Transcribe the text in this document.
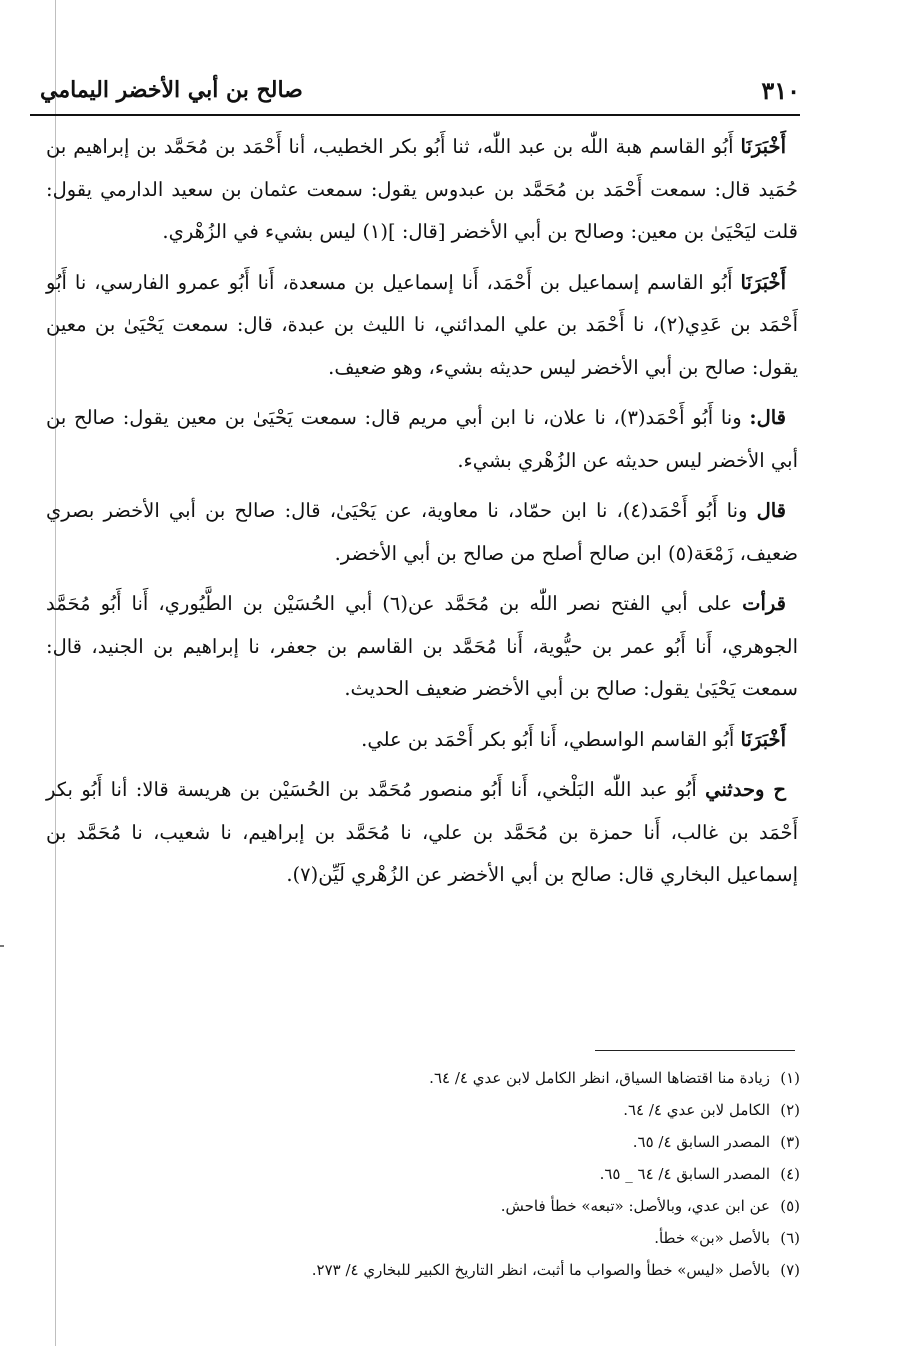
٣١٠
صالح بن أبي الأخضر اليمامي

أَخْبَرَنَا أَبُو القاسم هبة اللّٰه بن عبد اللّٰه، ثنا أَبُو بكر الخطيب، أنا أَحْمَد بن مُحَمَّد بن إبراهيم بن حُمَيد قال: سمعت أَحْمَد بن مُحَمَّد بن عبدوس يقول: سمعت عثمان بن سعيد الدارمي يقول: قلت ليَحْيَىٰ بن معين: وصالح بن أبي الأخضر [قال: ](١) ليس بشيء في الزُهْري.

أَخْبَرَنَا أَبُو القاسم إسماعيل بن أَحْمَد، أَنا إسماعيل بن مسعدة، أَنا أَبُو عمرو الفارسي، نا أَبُو أَحْمَد بن عَدِي(٢)، نا أَحْمَد بن علي المدائني، نا الليث بن عبدة، قال: سمعت يَحْيَىٰ بن معين يقول: صالح بن أبي الأخضر ليس حديثه بشيء، وهو ضعيف.

قال: ونا أَبُو أَحْمَد(٣)، نا علان، نا ابن أبي مريم قال: سمعت يَحْيَىٰ بن معين يقول: صالح بن أبي الأخضر ليس حديثه عن الزُهْري بشيء.

قال ونا أَبُو أَحْمَد(٤)، نا ابن حمّاد، نا معاوية، عن يَحْيَىٰ، قال: صالح بن أبي الأخضر بصري ضعيف، زَمْعَة(٥) ابن صالح أصلح من صالح بن أبي الأخضر.

قرأت على أبي الفتح نصر اللّٰه بن مُحَمَّد عن(٦) أبي الحُسَيْن بن الطَّيُوري، أَنا أَبُو مُحَمَّد الجوهري، أَنا أَبُو عمر بن حيُّوية، أَنا مُحَمَّد بن القاسم بن جعفر، نا إبراهيم بن الجنيد، قال: سمعت يَحْيَىٰ يقول: صالح بن أبي الأخضر ضعيف الحديث.

أَخْبَرَنَا أَبُو القاسم الواسطي، أَنا أَبُو بكر أَحْمَد بن علي.

ح وحدثني أَبُو عبد اللّٰه البَلْخي، أَنا أَبُو منصور مُحَمَّد بن الحُسَيْن بن هريسة قالا: أنا أَبُو بكر أَحْمَد بن غالب، أَنا حمزة بن مُحَمَّد بن علي، نا مُحَمَّد بن إبراهيم، نا شعيب، نا مُحَمَّد بن إسماعيل البخاري قال: صالح بن أبي الأخضر عن الزُهْري لَيِّن(٧).

(١)زيادة منا اقتضاها السياق، انظر الكامل لابن عدي ٤/ ٦٤.
(٢)الكامل لابن عدي ٤/ ٦٤.
(٣)المصدر السابق ٤/ ٦٥.
(٤)المصدر السابق ٤/ ٦٤ _ ٦٥.
(٥)عن ابن عدي، وبالأصل: «تبعه» خطأ فاحش.
(٦)بالأصل «بن» خطأ.
(٧)بالأصل «ليس» خطأ والصواب ما أثبت، انظر التاريخ الكبير للبخاري ٤/ ٢٧٣.
